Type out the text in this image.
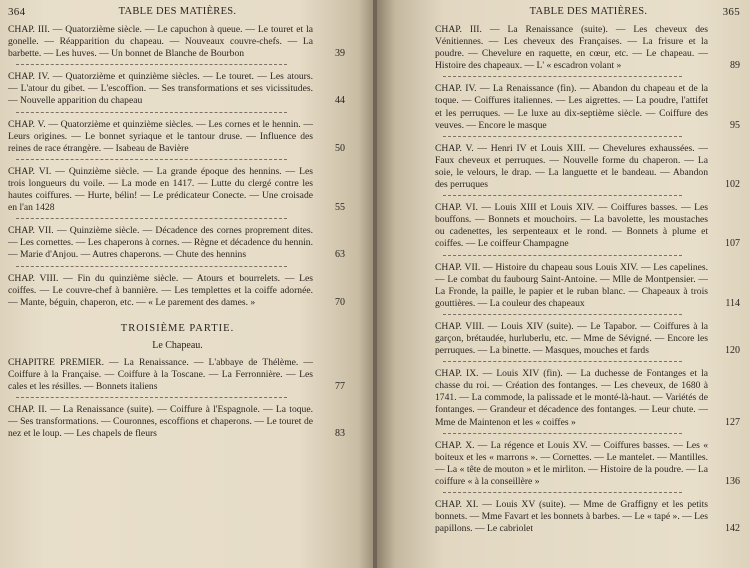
364	TABLE DES MATIÈRES.
CHAP. III. — Quatorzième siècle. — Le capuchon à queue. — Le touret et la gonelle. — Réapparition du chapeau. — Nouveaux couvre-chefs. — La barbette. — Les huves. — Un bonnet de Blanche de Bourbon	39
CHAP. IV. — Quatorzième et quinzième siècles. — Le touret. — Les atours. — L'atour du gibet. — L'escoffion. — Ses transformations et ses vicissitudes. — Nouvelle apparition du chapeau	44
CHAP. V. — Quatorzième et quinzième siècles. — Les cornes et le hennin. — Leurs origines. — Le bonnet syriaque et le tantour druse. — Influence des reines de race étrangère. — Isabeau de Bavière	50
CHAP. VI. — Quinzième siècle. — La grande époque des hennins. — Les trois longueurs du voile. — La mode en 1417. — Lutte du clergé contre les hautes coiffures. — Hurte, bélin! — Le prédicateur Conecte. — Une croisade en l'an 1428	55
CHAP. VII. — Quinzième siècle. — Décadence des cornes proprement dites. — Les cornettes. — Les chaperons à cornes. — Règne et décadence du hennin. — Marie d'Anjou. — Autres chaperons. — Chute des hennins	63
CHAP. VIII. — Fin du quinzième siècle. — Atours et bourrelets. — Les coiffes. — Le couvre-chef à bannière. — Les templettes et la coiffe adornée. — Mante, béguin, chaperon, etc. — « Le parement des dames. »	70
TROISIÈME PARTIE.
Le Chapeau.
CHAPITRE PREMIER. — La Renaissance. — L'abbaye de Thélème. — Coiffure à la Française. — Coiffure à la Toscane. — La Ferronnière. — Les cales et les résilles. — Bonnets italiens	77
CHAP. II. — La Renaissance (suite). — Coiffure à l'Espagnole. — La toque. — Ses transformations. — Couronnes, escoffions et chaperons. — Le touret de nez et le loup. — Les chapels de fleurs	83
TABLE DES MATIÈRES.	365
CHAP. III. — La Renaissance (suite). — Les cheveux des Vénitiennes. — Les cheveux des Françaises. — La frisure et la poudre. — Chevelure en raquette, en cœur, etc. — Le chapeau. — Histoire des chapeaux. — L' « escadron volant »	89
CHAP. IV. — La Renaissance (fin). — Abandon du chapeau et de la toque. — Coiffures italiennes. — Les aigrettes. — La poudre, l'attifet et les perruques. — Le luxe au dix-septième siècle. — Coiffure des veuves. — Encore le masque	95
CHAP. V. — Henri IV et Louis XIII. — Chevelures exhaussées. — Faux cheveux et perruques. — Nouvelle forme du chaperon. — La soie, le velours, le drap. — La languette et le bandeau. — Abandon des perruques	102
CHAP. VI. — Louis XIII et Louis XIV. — Coiffures basses. — Les bouffons. — Bonnets et mouchoirs. — La bavolette, les moustaches ou cadenettes, les serpenteaux et le rond. — Bonnets à plume et coiffes. — Le coiffeur Champagne	107
CHAP. VII. — Histoire du chapeau sous Louis XIV. — Les capelines. — Le combat du faubourg Saint-Antoine. — Mlle de Montpensier. — La Fronde, la paille, le papier et le ruban blanc. — Chapeaux à trois gouttières. — La couleur des chapeaux	114
CHAP. VIII. — Louis XIV (suite). — Le Tapabor. — Coiffures à la garçon, brétaudée, hurluberlu, etc. — Mme de Sévigné. — Encore les perruques. — La binette. — Masques, mouches et fards	120
CHAP. IX. — Louis XIV (fin). — La duchesse de Fontanges et la chasse du roi. — Création des fontanges. — Les cheveux, de 1680 à 1741. — La commode, la palissade et le monté-là-haut. — Variétés de fontanges. — Grandeur et décadence des fontanges. — Leur chute. — Mme de Maintenon et les « coiffes »	127
CHAP. X. — La régence et Louis XV. — Coiffures basses. — Les « boiteux et les « marrons ». — Cornettes. — Le mantelet. — Mantilles. — La « tête de mouton » et le mirliton. — Histoire de la poudre. — La coiffure « à la conseillère »	136
CHAP. XI. — Louis XV (suite). — Mme de Graffigny et les petits bonnets. — Mme Favart et les bonnets à barbes. — Le « tapé ». — Les papillons. — Le cabriolet	142
